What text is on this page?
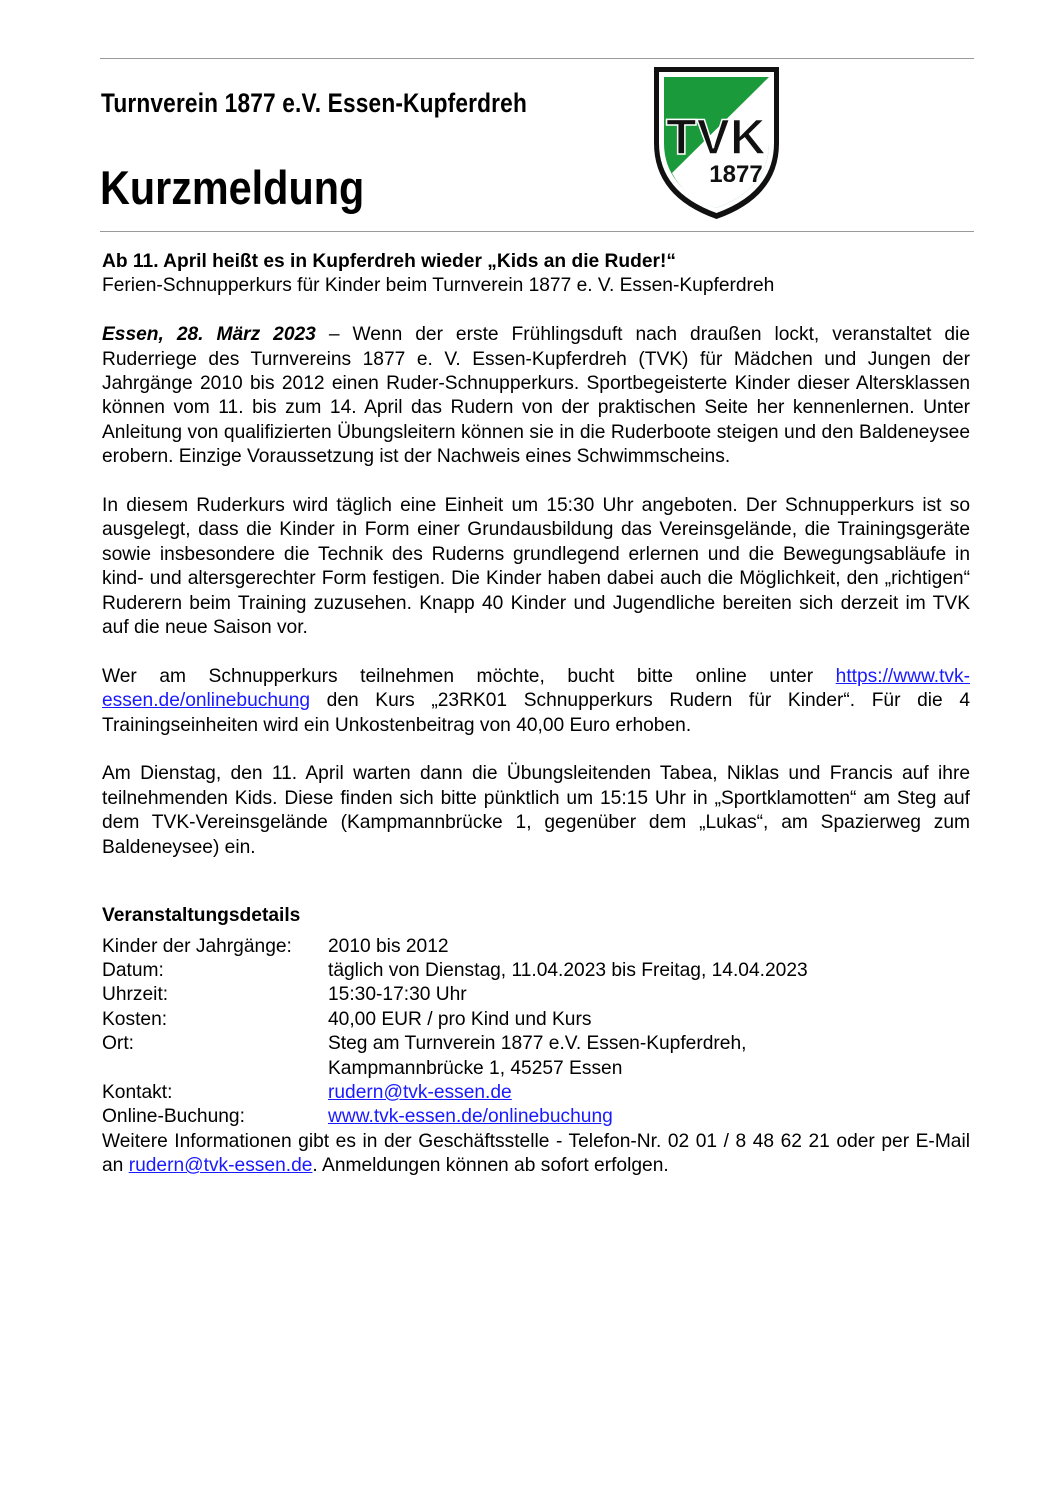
Turnverein 1877 e.V. Essen-Kupferdreh
Kurzmeldung
TVK
1877

Ab 11. April heißt es in Kupferdreh wieder „Kids an die Ruder!“

Ferien-Schnupperkurs für Kinder beim Turnverein 1877 e. V. Essen-Kupferdreh

Essen, 28. März 2023 – Wenn der erste Frühlingsduft nach draußen lockt, veranstaltet die Ruderriege des Turnvereins 1877 e. V. Essen-Kupferdreh (TVK) für Mädchen und Jungen der Jahrgänge 2010 bis 2012 einen Ruder-Schnupperkurs. Sportbegeisterte Kinder dieser Altersklassen können vom 11. bis zum 14. April das Rudern von der praktischen Seite her kennenlernen. Unter Anleitung von qualifizierten Übungsleitern können sie in die Ruderboote steigen und den Baldeneysee erobern. Einzige Voraussetzung ist der Nachweis eines Schwimmscheins.

In diesem Ruderkurs wird täglich eine Einheit um 15:30 Uhr angeboten. Der Schnupperkurs ist so ausgelegt, dass die Kinder in Form einer Grundausbildung das Vereinsgelände, die Trainingsgeräte sowie insbesondere die Technik des Ruderns grundlegend erlernen und die Bewegungsabläufe in kind- und altersgerechter Form festigen. Die Kinder haben dabei auch die Möglichkeit, den „richtigen“ Ruderern beim Training zuzusehen. Knapp 40 Kinder und Jugendliche bereiten sich derzeit im TVK auf die neue Saison vor.

Wer am Schnupperkurs teilnehmen möchte, bucht bitte online unter https://www.tvk-essen.de/onlinebuchung den Kurs „23RK01 Schnupperkurs Rudern für Kinder“. Für die 4 Trainingseinheiten wird ein Unkostenbeitrag von 40,00 Euro erhoben.

Am Dienstag, den 11. April warten dann die Übungsleitenden Tabea, Niklas und Francis auf ihre teilnehmenden Kids. Diese finden sich bitte pünktlich um 15:15 Uhr in „Sportklamotten“ am Steg auf dem TVK-Vereinsgelände (Kampmannbrücke 1, gegenüber dem „Lukas“, am Spazierweg zum Baldeneysee) ein.

Veranstaltungsdetails
Kinder der Jahrgänge:	2010 bis 2012
Datum:	täglich von Dienstag, 11.04.2023 bis Freitag, 14.04.2023
Uhrzeit:	15:30-17:30 Uhr
Kosten:	40,00 EUR / pro Kind und Kurs
Ort:	Steg am Turnverein 1877 e.V. Essen-Kupferdreh,
	Kampmannbrücke 1, 45257 Essen
Kontakt:	rudern@tvk-essen.de
Online-Buchung:	www.tvk-essen.de/onlinebuchung

Weitere Informationen gibt es in der Geschäftsstelle - Telefon-Nr. 02 01 / 8 48 62 21 oder per E-Mail an rudern@tvk-essen.de. Anmeldungen können ab sofort erfolgen.
